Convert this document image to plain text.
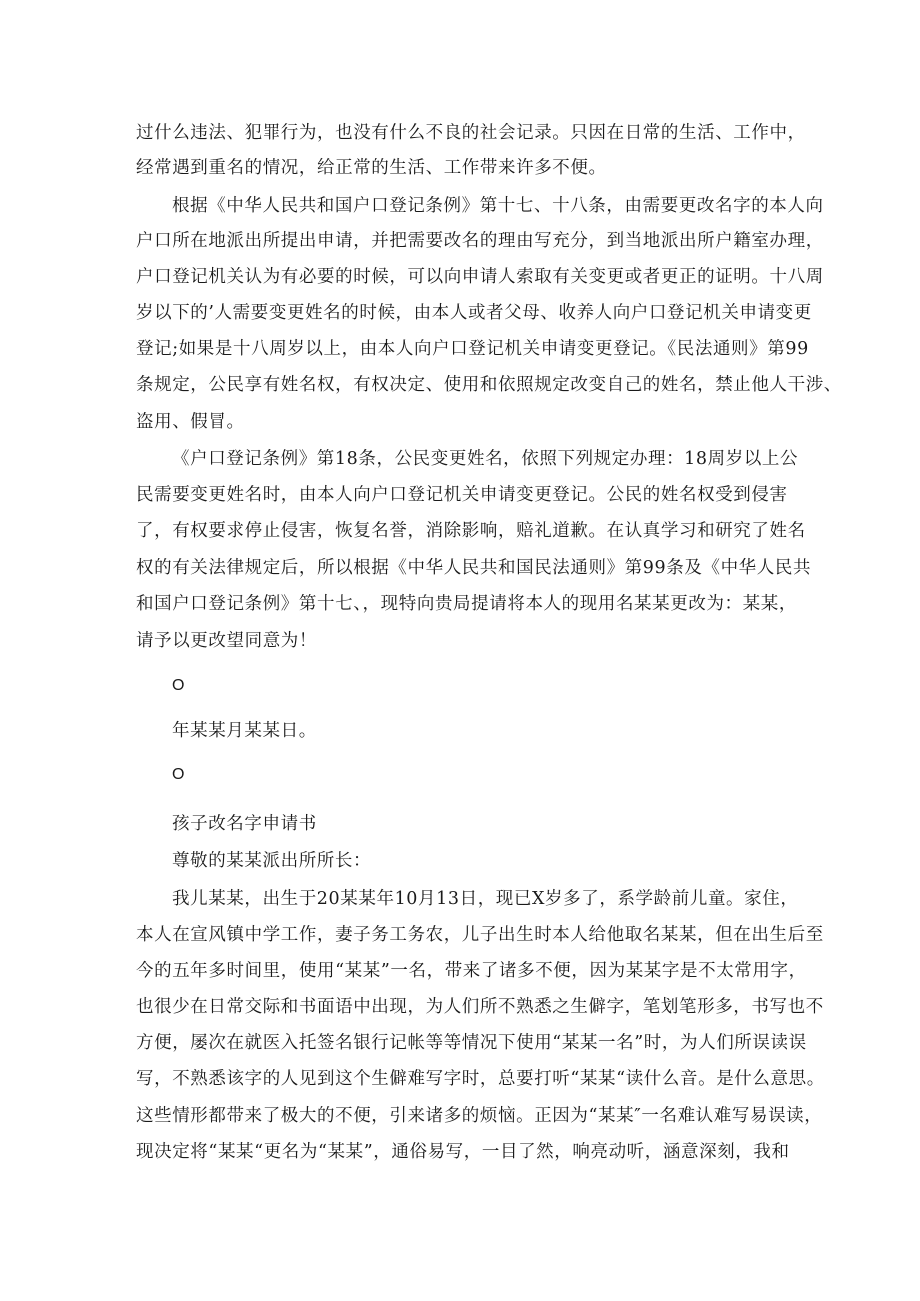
过什么违法、犯罪行为，也没有什么不良的社会记录。只因在日常的生活、工作中，
经常遇到重名的情况，给正常的生活、工作带来许多不便。
根据《中华人民共和国户口登记条例》第十七、十八条，由需要更改名字的本人向
户口所在地派出所提出申请，并把需要改名的理由写充分，到当地派出所户籍室办理，
户口登记机关认为有必要的时候，可以向申请人索取有关变更或者更正的证明。十八周
岁以下的’人需要变更姓名的时候，由本人或者父母、收养人向户口登记机关申请变更
登记;如果是十八周岁以上，由本人向户口登记机关申请变更登记。《民法通则》第99
条规定，公民享有姓名权，有权决定、使用和依照规定改变自己的姓名，禁止他人干涉、
盗用、假冒。
《户口登记条例》第18条，公民变更姓名，依照下列规定办理：18周岁以上公
民需要变更姓名时，由本人向户口登记机关申请变更登记。公民的姓名权受到侵害
了，有权要求停止侵害，恢复名誉，消除影响，赔礼道歉。在认真学习和研究了姓名
权的有关法律规定后，所以根据《中华人民共和国民法通则》第99条及《中华人民共
和国户口登记条例》第十七、，现特向贵局提请将本人的现用名某某更改为：某某，
请予以更改望同意为！
O
年某某月某某日。
O
孩子改名字申请书
尊敬的某某派出所所长：
我儿某某，出生于20某某年10月13日，现已X岁多了，系学龄前儿童。家住，
本人在宣风镇中学工作，妻子务工务农，儿子出生时本人给他取名某某，但在出生后至
今的五年多时间里，使用“某某”一名，带来了诸多不便，因为某某字是不太常用字，
也很少在日常交际和书面语中出现，为人们所不熟悉之生僻字，笔划笔形多，书写也不
方便，屡次在就医入托签名银行记帐等等情况下使用“某某一名”时，为人们所误读误
写，不熟悉该字的人见到这个生僻难写字时，总要打听“某某“读什么音。是什么意思。
这些情形都带来了极大的不便，引来诸多的烦恼。正因为“某某″一名难认难写易误读，
现决定将“某某“更名为“某某”，通俗易写，一目了然，响亮动听，涵意深刻，我和
